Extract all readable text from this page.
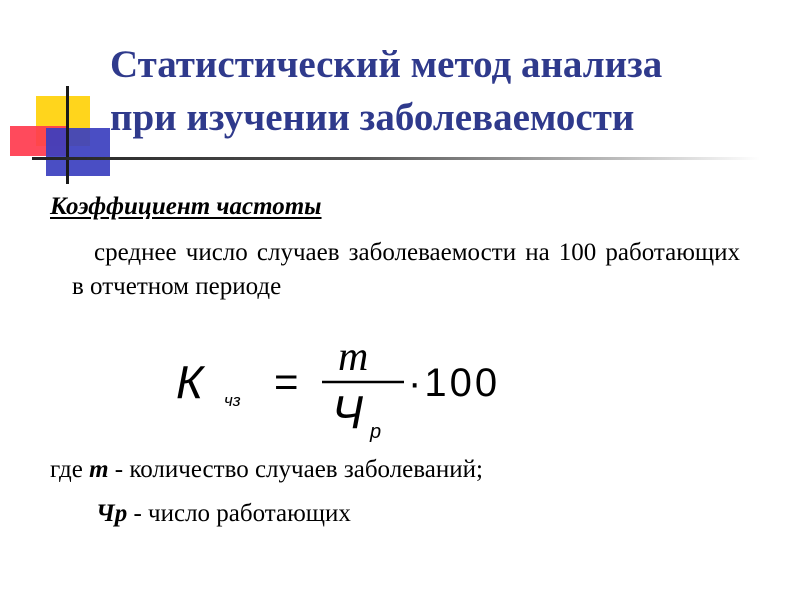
Статистический метод анализа
при изучении заболеваемости

Коэффициент частоты

среднее число случаев заболеваемости на 100 работающих в отчетном периоде

К чз =
m
Ч p
·100

где m - количество случаев заболеваний;

Чр - число работающих
